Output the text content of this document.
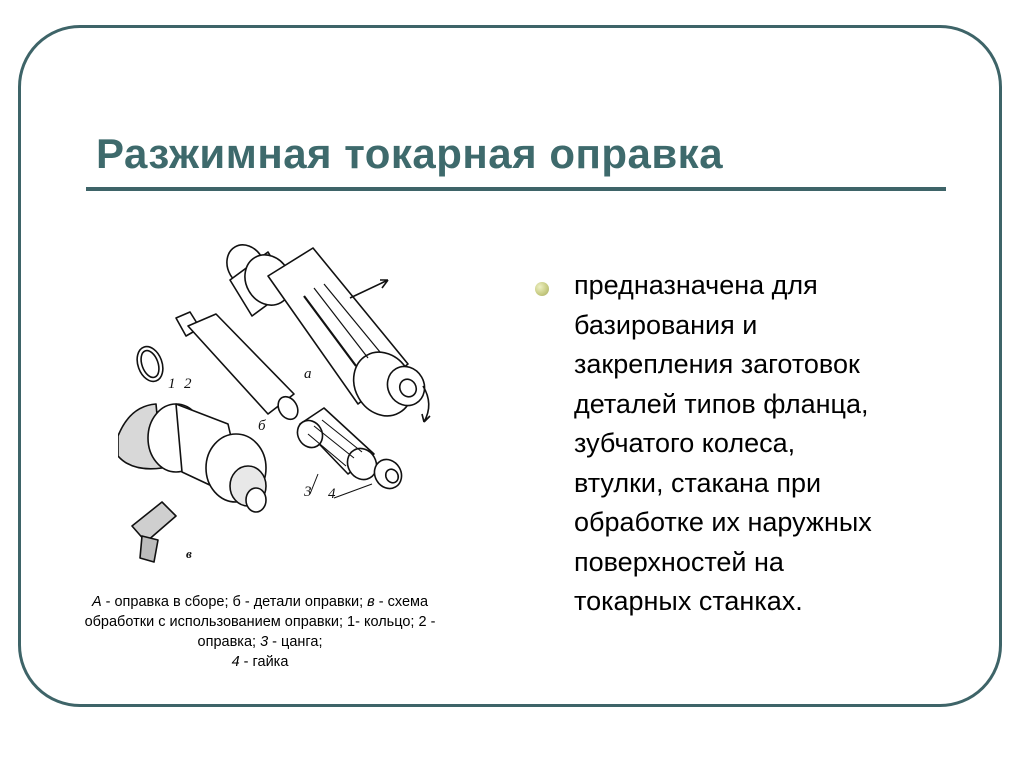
Разжимная токарная оправка
а
б
в
1 2
3 4
А - оправка в сборе; б - детали оправки; в - схема
обработки с использованием оправки; 1- кольцо; 2 -
оправка; 3 - цанга;
4 - гайка
предназначена для
базирования и
закрепления заготовок
деталей типов фланца,
зубчатого колеса,
втулки, стакана при
обработке их наружных
поверхностей на
токарных станках.
